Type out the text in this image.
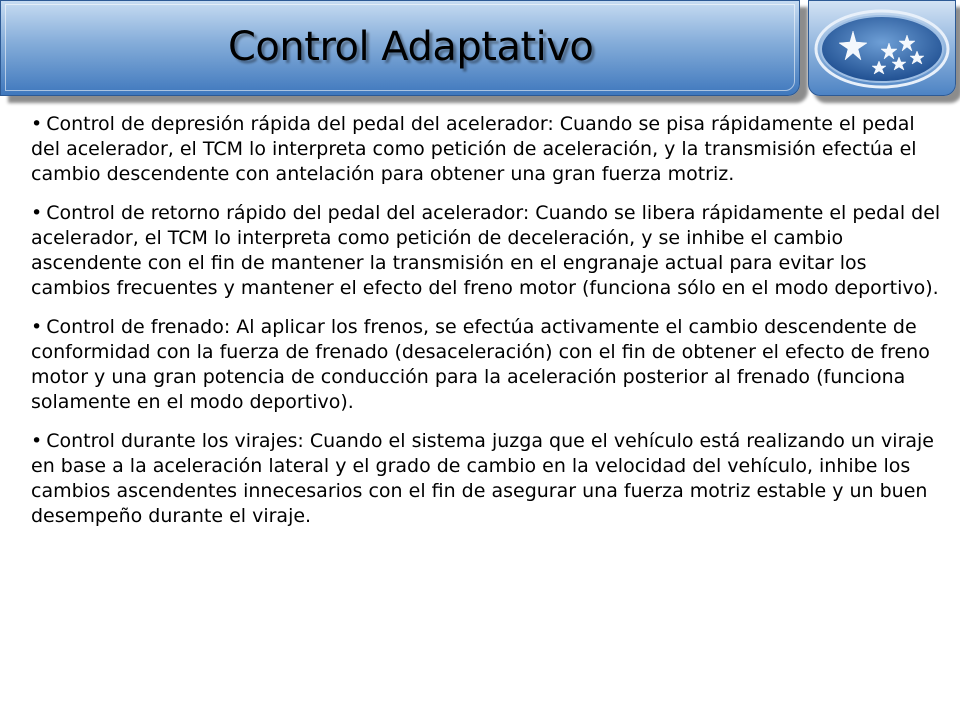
Control Adaptativo

• Control de depresión rápida del pedal del acelerador: Cuando se pisa rápidamente el pedal del acelerador, el TCM lo interpreta como petición de aceleración, y la transmisión efectúa el cambio descendente con antelación para obtener una gran fuerza motriz.

• Control de retorno rápido del pedal del acelerador: Cuando se libera rápidamente el pedal del acelerador, el TCM lo interpreta como petición de deceleración, y se inhibe el cambio ascendente con el fin de mantener la transmisión en el engranaje actual para evitar los cambios frecuentes y mantener el efecto del freno motor (funciona sólo en el modo deportivo).

• Control de frenado: Al aplicar los frenos, se efectúa activamente el cambio descendente de conformidad con la fuerza de frenado (desaceleración) con el fin de obtener el efecto de freno motor y una gran potencia de conducción para la aceleración posterior al frenado (funciona solamente en el modo deportivo).

• Control durante los virajes: Cuando el sistema juzga que el vehículo está realizando un viraje en base a la aceleración lateral y el grado de cambio en la velocidad del vehículo, inhibe los cambios ascendentes innecesarios con el fin de asegurar una fuerza motriz estable y un buen desempeño durante el viraje.
